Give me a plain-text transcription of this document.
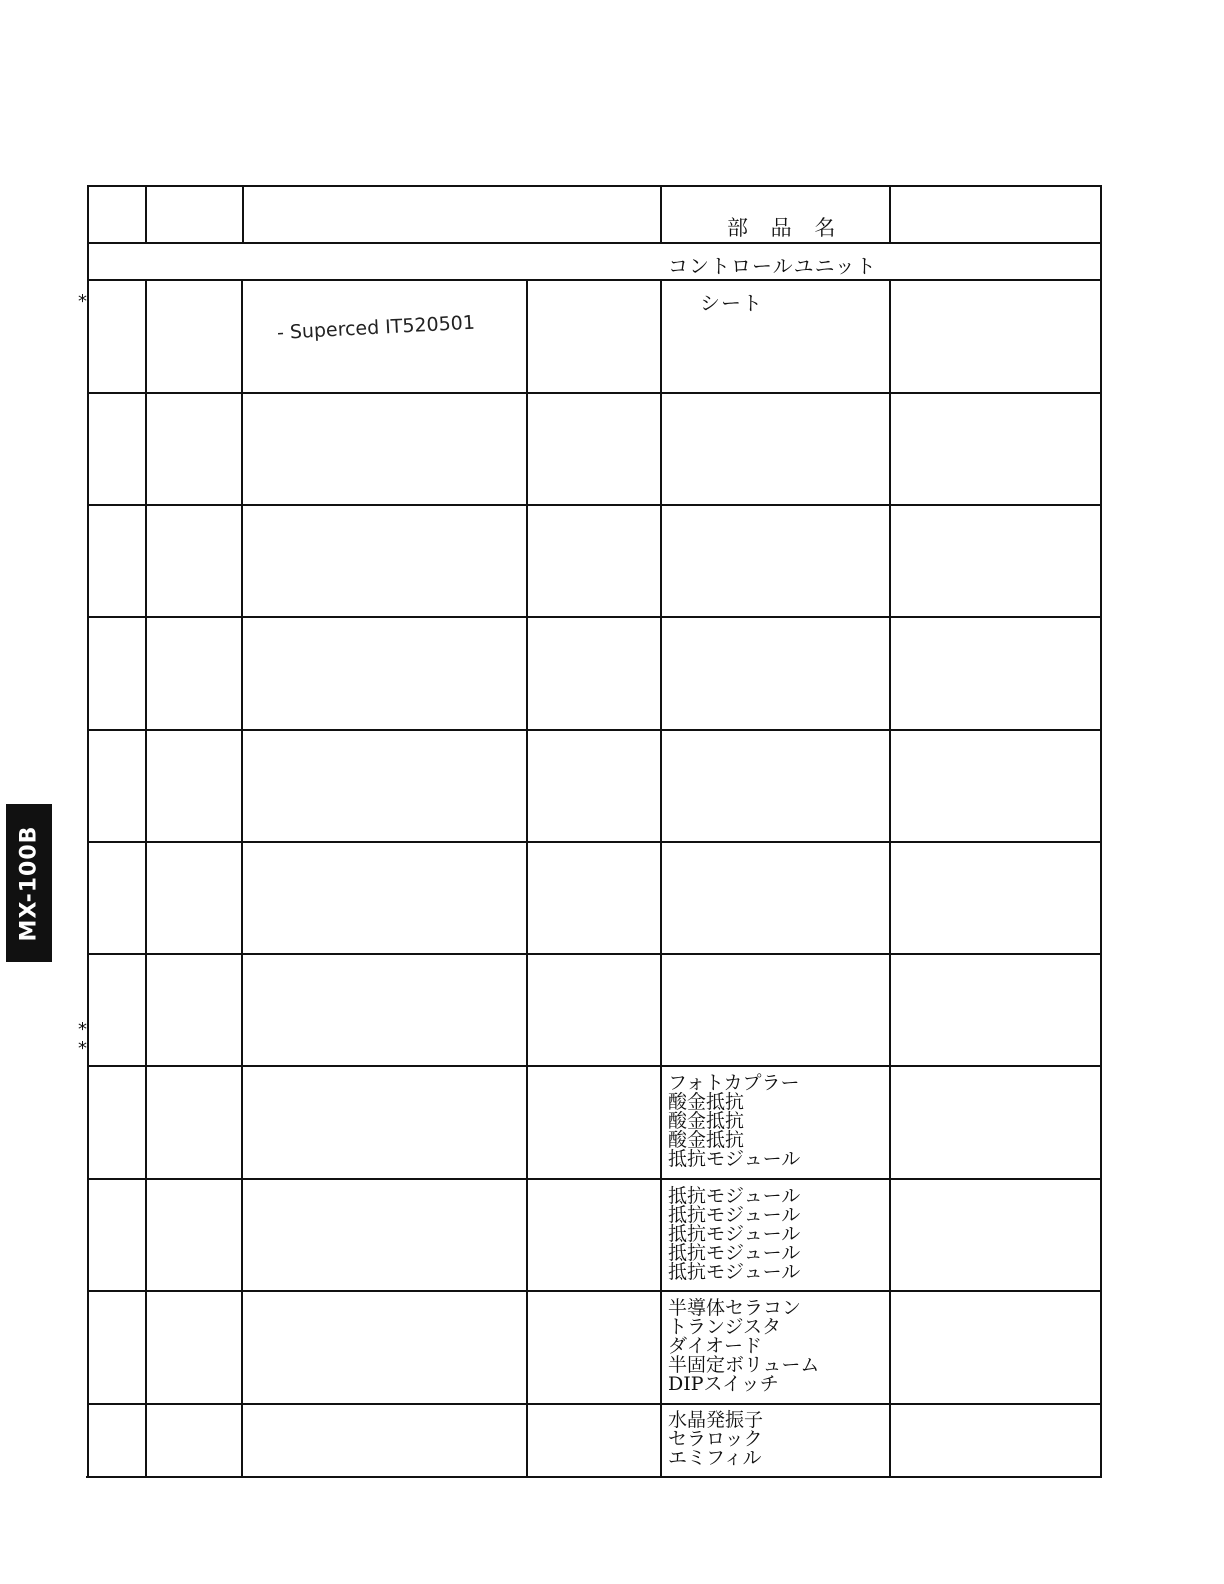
部 品 名
コントロールユニット
シート
- Superced IT520501
フォトカプラー
酸金抵抗
酸金抵抗
酸金抵抗
抵抗モジュール
抵抗モジュール
抵抗モジュール
抵抗モジュール
抵抗モジュール
抵抗モジュール
半導体セラコン
トランジスタ
ダイオード
半固定ボリューム
DIPスイッチ
水晶発振子
セラロック
エミフィル
*
*
*
MX-100B
